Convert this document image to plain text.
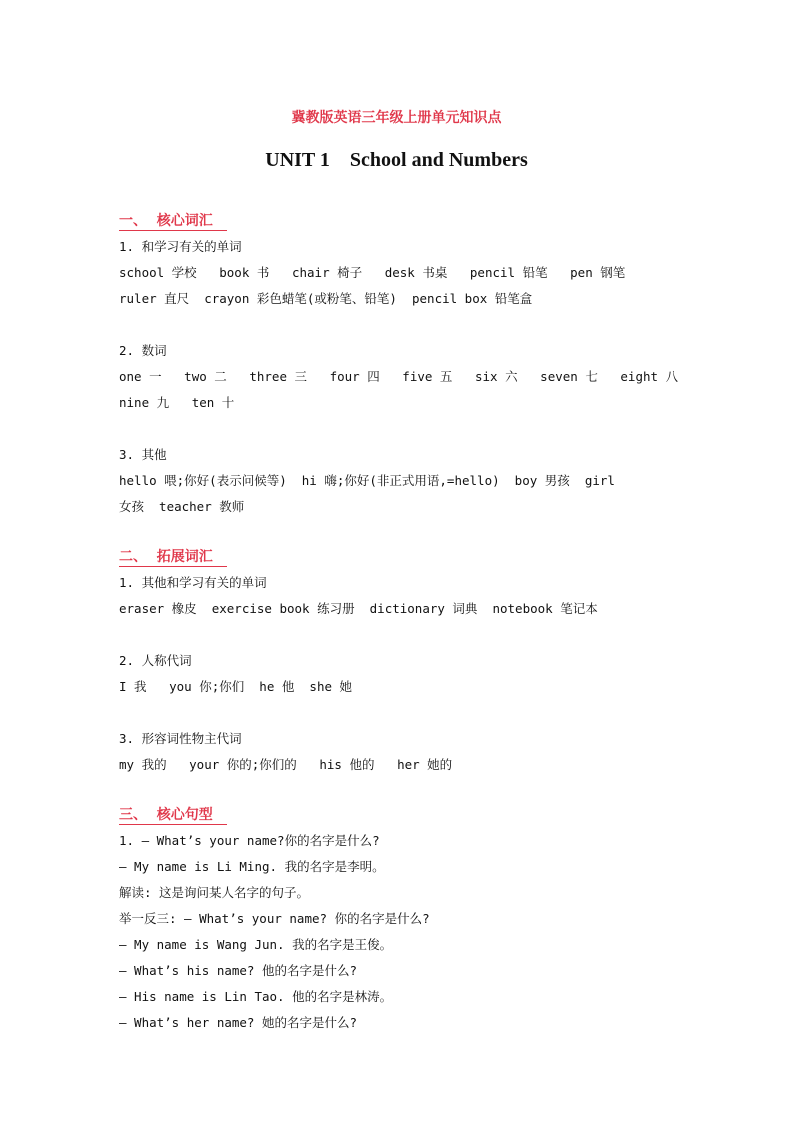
冀教版英语三年级上册单元知识点
UNIT 1    School and Numbers
一、  核心词汇
1. 和学习有关的单词
school 学校   book 书   chair 椅子   desk 书桌   pencil 铅笔   pen 钢笔
ruler 直尺  crayon 彩色蜡笔(或粉笔、铅笔)  pencil box 铅笔盒
2. 数词
one 一   two 二   three 三   four 四   five 五   six 六   seven 七   eight 八
nine 九   ten 十
3. 其他
hello 喂;你好(表示问候等)  hi 嗨;你好(非正式用语,=hello)  boy 男孩  girl
女孩  teacher 教师
二、  拓展词汇
1. 其他和学习有关的单词
eraser 橡皮  exercise book 练习册  dictionary 词典  notebook 笔记本
2. 人称代词
I 我   you 你;你们  he 他  she 她
3. 形容词性物主代词
my 我的   your 你的;你们的   his 他的   her 她的
三、  核心句型
1. — What’s your name?你的名字是什么?
— My name is Li Ming. 我的名字是李明。
解读: 这是询问某人名字的句子。
举一反三: — What’s your name? 你的名字是什么?
— My name is Wang Jun. 我的名字是王俊。
— What’s his name? 他的名字是什么?
— His name is Lin Tao. 他的名字是林涛。
— What’s her name? 她的名字是什么?
